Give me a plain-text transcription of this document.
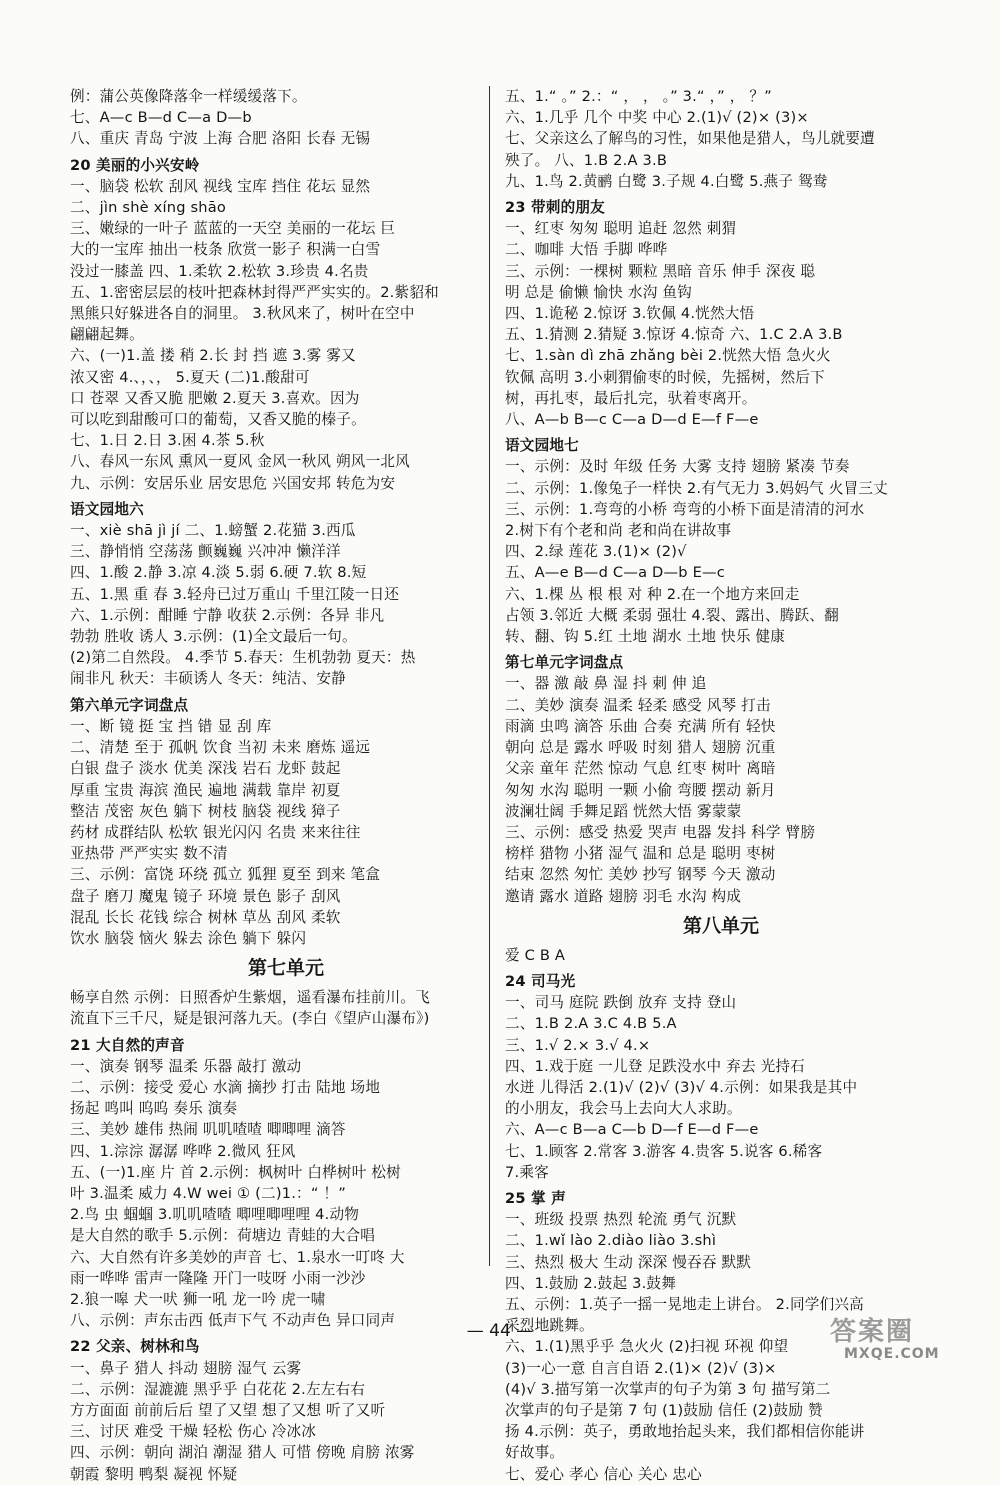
例：蒲公英像降落伞一样缓缓落下。
七、A—c B—d C—a D—b
八、重庆 青岛 宁波 上海 合肥 洛阳 长春 无锡
20 美丽的小兴安岭
一、脑袋 松软 刮风 视线 宝库 挡住 花坛 显然
二、jìn shè xíng shāo
三、嫩绿的一叶子 蓝蓝的一天空 美丽的一花坛 巨
大的一宝库 抽出一枝条 欣赏一影子 积满一白雪
没过一膝盖 四、1.柔软 2.松软 3.珍贵 4.名贵
五、1.密密层层的枝叶把森林封得严严实实的。2.紫貂和
黑熊只好躲进各自的洞里。 3.秋风来了，树叶在空中
翩翩起舞。
六、(一)1.盖 搂 稍 2.长 封 挡 遮 3.雾 雾又
浓又密 4.、，、， 5.夏天 (二)1.酸甜可
口 苍翠 又香又脆 肥嫩 2.夏天 3.喜欢。因为
可以吃到甜酸可口的葡萄，又香又脆的榛子。
七、1.日 2.日 3.困 4.茶 5.秋
八、春风一东风 熏风一夏风 金风一秋风 朔风一北风
九、示例：安居乐业 居安思危 兴国安邦 转危为安
语文园地六
一、xiè shā jì jí 二、1.螃蟹 2.花猫 3.西瓜
三、静悄悄 空荡荡 颤巍巍 兴冲冲 懒洋洋
四、1.酸 2.静 3.凉 4.淡 5.弱 6.硬 7.软 8.短
五、1.黑 重 春 3.轻舟已过万重山 千里江陵一日还
六、1.示例：酣睡 宁静 收获 2.示例：各异 非凡
勃勃 胜收 诱人 3.示例：(1)全文最后一句。
(2)第二自然段。 4.季节 5.春天：生机勃勃 夏天：热
闹非凡 秋天：丰硕诱人 冬天：纯洁、安静
第六单元字词盘点
一、断 镜 挺 宝 挡 错 显 刮 库
二、清楚 至于 孤帆 饮食 当初 未来 磨炼 遥远
白银 盘子 淡水 优美 深浅 岩石 龙虾 鼓起
厚重 宝贵 海滨 渔民 遍地 满载 靠岸 初夏
整洁 茂密 灰色 躺下 树枝 脑袋 视线 獐子
药材 成群结队 松软 银光闪闪 名贵 来来往往
亚热带 严严实实 数不清
三、示例：富饶 环绕 孤立 狐狸 夏至 到来 笔盒
盘子 磨刀 魔鬼 镜子 环境 景色 影子 刮风
混乱 长长 花钱 综合 树林 草丛 刮风 柔软
饮水 脑袋 恼火 躲去 涂色 躺下 躲闪
第七单元
畅享自然 示例：日照香炉生紫烟，遥看瀑布挂前川。飞
流直下三千尺，疑是银河落九天。(李白《望庐山瀑布》)
21 大自然的声音
一、演奏 钢琴 温柔 乐器 敲打 激动
二、示例：接受 爱心 水滴 摘抄 打击 陆地 场地
扬起 鸣叫 呜呜 奏乐 演奏
三、美妙 雄伟 热闹 叽叽喳喳 唧唧哩 滴答
四、1.淙淙 潺潺 哗哗 2.微风 狂风
五、(一)1.座 片 首 2.示例：枫树叶 白桦树叶 松树
叶 3.温柔 威力 4.W wei ① (二)1.：“ ！”
2.鸟 虫 蝈蝈 3.叽叽喳喳 唧哩唧哩哩 4.动物
是大自然的歌手 5.示例：荷塘边 青蛙的大合唱
六、大自然有许多美妙的声音 七、1.泉水一叮咚 大
雨一哗哗 雷声一隆隆 开门一吱呀 小雨一沙沙
2.狼一嗥 犬一吠 狮一吼 龙一吟 虎一啸
八、示例：声东击西 低声下气 不动声色 异口同声
22 父亲、树林和鸟
一、鼻子 猎人 抖动 翅膀 湿气 云雾
二、示例：湿漉漉 黑乎乎 白花花 2.左左右右
方方面面 前前后后 望了又望 想了又想 听了又听
三、讨厌 难受 干燥 轻松 伤心 冷冰冰
四、示例：朝向 湖泊 潮湿 猎人 可惜 傍晚 肩膀 浓雾
朝霞 黎明 鸭梨 凝视 怀疑
五、1.“ 。” 2.：“ ， ， 。” 3.“ ，” ， ？”
六、1.几乎 几个 中奖 中心 2.(1)√ (2)× (3)×
七、父亲这么了解鸟的习性，如果他是猎人，鸟儿就要遭
殃了。 八、1.B 2.A 3.B
九、1.鸟 2.黄鹂 白鹭 3.子规 4.白鹭 5.燕子 鸳鸯
23 带刺的朋友
一、红枣 匆匆 聪明 追赶 忽然 刺猬
二、咖啡 大悟 手脚 哗哗
三、示例：一棵树 颗粒 黑暗 音乐 伸手 深夜 聪
明 总是 偷懒 愉快 水沟 鱼钩
四、1.诡秘 2.惊讶 3.钦佩 4.恍然大悟
五、1.猜测 2.猜疑 3.惊讶 4.惊奇 六、1.C 2.A 3.B
七、1.sàn dì zhā zhǎng bèi 2.恍然大悟 急火火
钦佩 高明 3.小刺猬偷枣的时候，先摇树，然后下
树，再扎枣，最后扎完，驮着枣离开。
八、A—b B—c C—a D—d E—f F—e
语文园地七
一、示例：及时 年级 任务 大雾 支持 翅膀 紧凑 节奏
二、示例：1.像兔子一样快 2.有气无力 3.妈妈气 火冒三丈
三、示例：1.弯弯的小桥 弯弯的小桥下面是清清的河水
2.树下有个老和尚 老和尚在讲故事
四、2.绿 莲花 3.(1)× (2)√
五、A—e B—d C—a D—b E—c
六、1.棵 丛 根 根 对 种 2.在一个地方来回走
占领 3.邻近 大概 柔弱 强壮 4.裂、露出、腾跃、翻
转、翻、钩 5.红 土地 湖水 土地 快乐 健康
第七单元字词盘点
一、器 激 敲 鼻 湿 抖 刺 伸 追
二、美妙 演奏 温柔 轻柔 感受 风琴 打击
雨滴 虫鸣 滴答 乐曲 合奏 充满 所有 轻快
朝向 总是 露水 呼吸 时刻 猎人 翅膀 沉重
父亲 童年 茫然 惊动 气息 红枣 树叶 离暗
匆匆 水沟 聪明 一颗 小偷 弯腰 摆动 新月
波澜壮阔 手舞足蹈 恍然大悟 雾蒙蒙
三、示例：感受 热爱 哭声 电器 发抖 科学 臂膀
榜样 猎物 小猪 湿气 温和 总是 聪明 枣树
结束 忽然 匆忙 美妙 抄写 钢琴 今天 激动
邀请 露水 道路 翅膀 羽毛 水沟 构成
第八单元
爱 C B A
24 司马光
一、司马 庭院 跌倒 放弃 支持 登山
二、1.B 2.A 3.C 4.B 5.A
三、1.√ 2.× 3.√ 4.×
四、1.戏于庭 一儿登 足跌没水中 弃去 光持石
水迸 儿得活 2.(1)√ (2)√ (3)√ 4.示例：如果我是其中
的小朋友，我会马上去向大人求助。
六、A—c B—a C—b D—f E—d F—e
七、1.顾客 2.常客 3.游客 4.贵客 5.说客 6.稀客
7.乘客
25 掌 声
一、班级 投票 热烈 轮流 勇气 沉默
二、1.wǐ lào 2.diào liào 3.shì
三、热烈 极大 生动 深深 慢吞吞 默默
四、1.鼓励 2.鼓起 3.鼓舞
五、示例：1.英子一摇一晃地走上讲台。 2.同学们兴高
采烈地跳舞。
六、1.(1)黑乎乎 急火火 (2)扫视 环视 仰望
(3)一心一意 自言自语 2.(1)× (2)√ (3)×
(4)√ 3.描写第一次掌声的句子为第 3 句 描写第二
次掌声的句子是第 7 句 (1)鼓励 信任 (2)鼓励 赞
扬 4.示例：英子，勇敢地抬起头来，我们都相信你能讲
好故事。
七、爱心 孝心 信心 关心 忠心
— 44 —	答案圈
MXQE.COM
